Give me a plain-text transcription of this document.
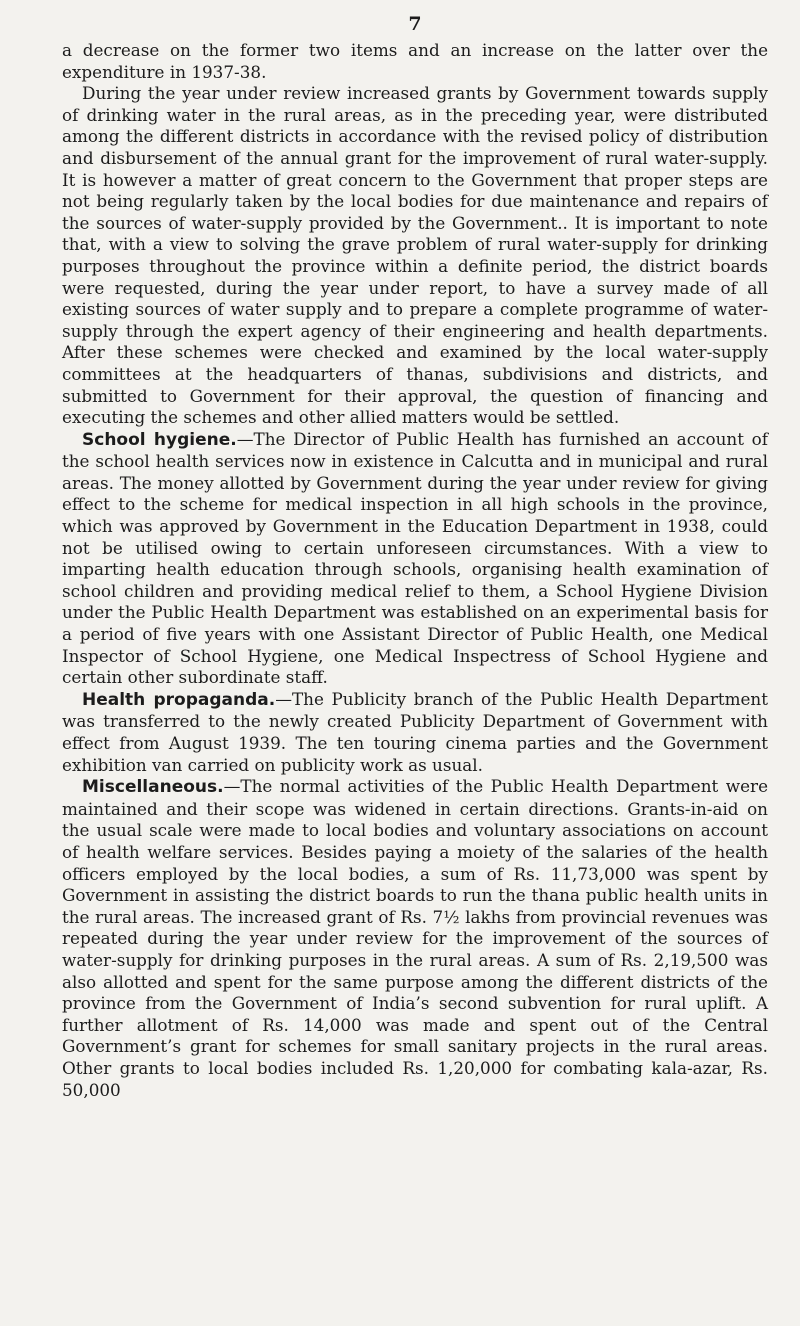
7

a decrease on the former two items and an increase on the latter over the expenditure in 1937-38.

During the year under review increased grants by Government towards supply of drinking water in the rural areas, as in the preceding year, were distributed among the different districts in accordance with the revised policy of distribution and disbursement of the annual grant for the improvement of rural water-supply. It is however a matter of great concern to the Government that proper steps are not being regularly taken by the local bodies for due maintenance and repairs of the sources of water-supply provided by the Government.. It is important to note that, with a view to solving the grave problem of rural water-supply for drinking purposes throughout the province within a definite period, the district boards were requested, during the year under report, to have a survey made of all existing sources of water supply and to prepare a complete programme of water-supply through the expert agency of their engineering and health departments. After these schemes were checked and examined by the local water-supply committees at the headquarters of thanas, subdivisions and districts, and submitted to Government for their approval, the question of financing and executing the schemes and other allied matters would be settled.

School hygiene.—The Director of Public Health has furnished an account of the school health services now in existence in Calcutta and in municipal and rural areas. The money allotted by Government during the year under review for giving effect to the scheme for medical inspection in all high schools in the province, which was approved by Government in the Education Department in 1938, could not be utilised owing to certain unforeseen circumstances. With a view to imparting health education through schools, organising health examination of school children and providing medical relief to them, a School Hygiene Division under the Public Health Department was established on an experimental basis for a period of five years with one Assistant Director of Public Health, one Medical Inspector of School Hygiene, one Medical Inspectress of School Hygiene and certain other subordinate staff.

Health propaganda.—The Publicity branch of the Public Health Department was transferred to the newly created Publicity Department of Government with effect from August 1939. The ten touring cinema parties and the Government exhibition van carried on publicity work as usual.

Miscellaneous.—The normal activities of the Public Health Department were maintained and their scope was widened in certain directions. Grants-in-aid on the usual scale were made to local bodies and voluntary associations on account of health welfare services. Besides paying a moiety of the salaries of the health officers employed by the local bodies, a sum of Rs. 11,73,000 was spent by Government in assisting the district boards to run the thana public health units in the rural areas. The increased grant of Rs. 7½ lakhs from provincial revenues was repeated during the year under review for the improvement of the sources of water-supply for drinking purposes in the rural areas. A sum of Rs. 2,19,500 was also allotted and spent for the same purpose among the different districts of the province from the Government of India’s second subvention for rural uplift. A further allotment of Rs. 14,000 was made and spent out of the Central Government’s grant for schemes for small sanitary projects in the rural areas. Other grants to local bodies included Rs. 1,20,000 for combating kala-azar, Rs. 50,000
